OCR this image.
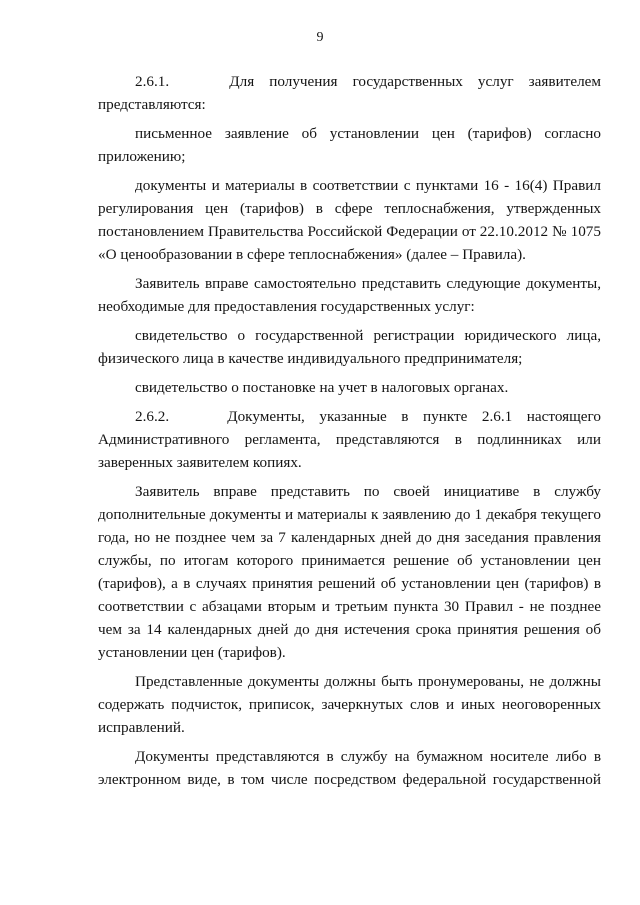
9

2.6.1.    Для получения государственных услуг заявителем представляются:

письменное заявление об установлении цен (тарифов) согласно приложению;

документы и материалы в соответствии с пунктами 16 - 16(4) Правил регулирования цен (тарифов) в сфере теплоснабжения, утвержденных постановлением Правительства Российской Федерации от 22.10.2012 № 1075 «О ценообразовании в сфере теплоснабжения» (далее – Правила).

Заявитель вправе самостоятельно представить следующие документы, необходимые для предоставления государственных услуг:

свидетельство о государственной регистрации юридического лица, физического лица в качестве индивидуального предпринимателя;

свидетельство о постановке на учет в налоговых органах.

2.6.2.    Документы, указанные в пункте 2.6.1 настоящего Административного регламента, представляются в подлинниках или заверенных заявителем копиях.

Заявитель вправе представить по своей инициативе в службу дополнительные документы и материалы к заявлению до 1 декабря текущего года, но не позднее чем за 7 календарных дней до дня заседания правления службы, по итогам которого принимается решение об установлении цен (тарифов), а в случаях принятия решений об установлении цен (тарифов) в соответствии с абзацами вторым и третьим пункта 30 Правил - не позднее чем за 14 календарных дней до дня истечения срока принятия решения об установлении цен (тарифов).

Представленные документы должны быть пронумерованы, не должны содержать подчисток, приписок, зачеркнутых слов и иных неоговоренных исправлений.

Документы представляются в службу на бумажном носителе либо в электронном виде, в том числе посредством федеральной государственной
